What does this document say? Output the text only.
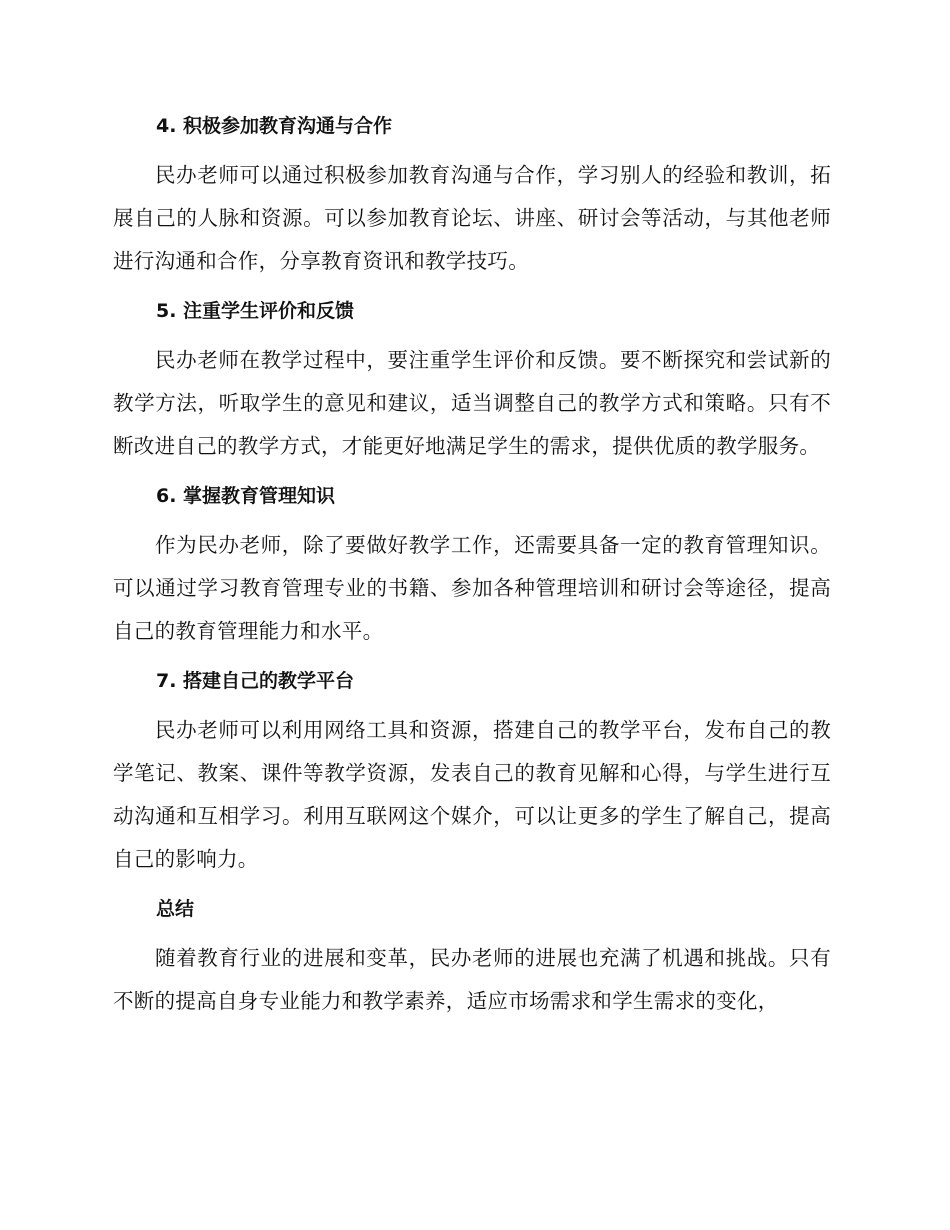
4. 积极参加教育沟通与合作

民办老师可以通过积极参加教育沟通与合作，学习别人的经验和教训，拓展自己的人脉和资源。可以参加教育论坛、讲座、研讨会等活动，与其他老师进行沟通和合作，分享教育资讯和教学技巧。

5. 注重学生评价和反馈

民办老师在教学过程中，要注重学生评价和反馈。要不断探究和尝试新的教学方法，听取学生的意见和建议，适当调整自己的教学方式和策略。只有不断改进自己的教学方式，才能更好地满足学生的需求，提供优质的教学服务。

6. 掌握教育管理知识

作为民办老师，除了要做好教学工作，还需要具备一定的教育管理知识。可以通过学习教育管理专业的书籍、参加各种管理培训和研讨会等途径，提高自己的教育管理能力和水平。

7. 搭建自己的教学平台

民办老师可以利用网络工具和资源，搭建自己的教学平台，发布自己的教学笔记、教案、课件等教学资源，发表自己的教育见解和心得，与学生进行互动沟通和互相学习。利用互联网这个媒介，可以让更多的学生了解自己，提高自己的影响力。

总结

随着教育行业的进展和变革，民办老师的进展也充满了机遇和挑战。只有不断的提高自身专业能力和教学素养，适应市场需求和学生需求的变化，
